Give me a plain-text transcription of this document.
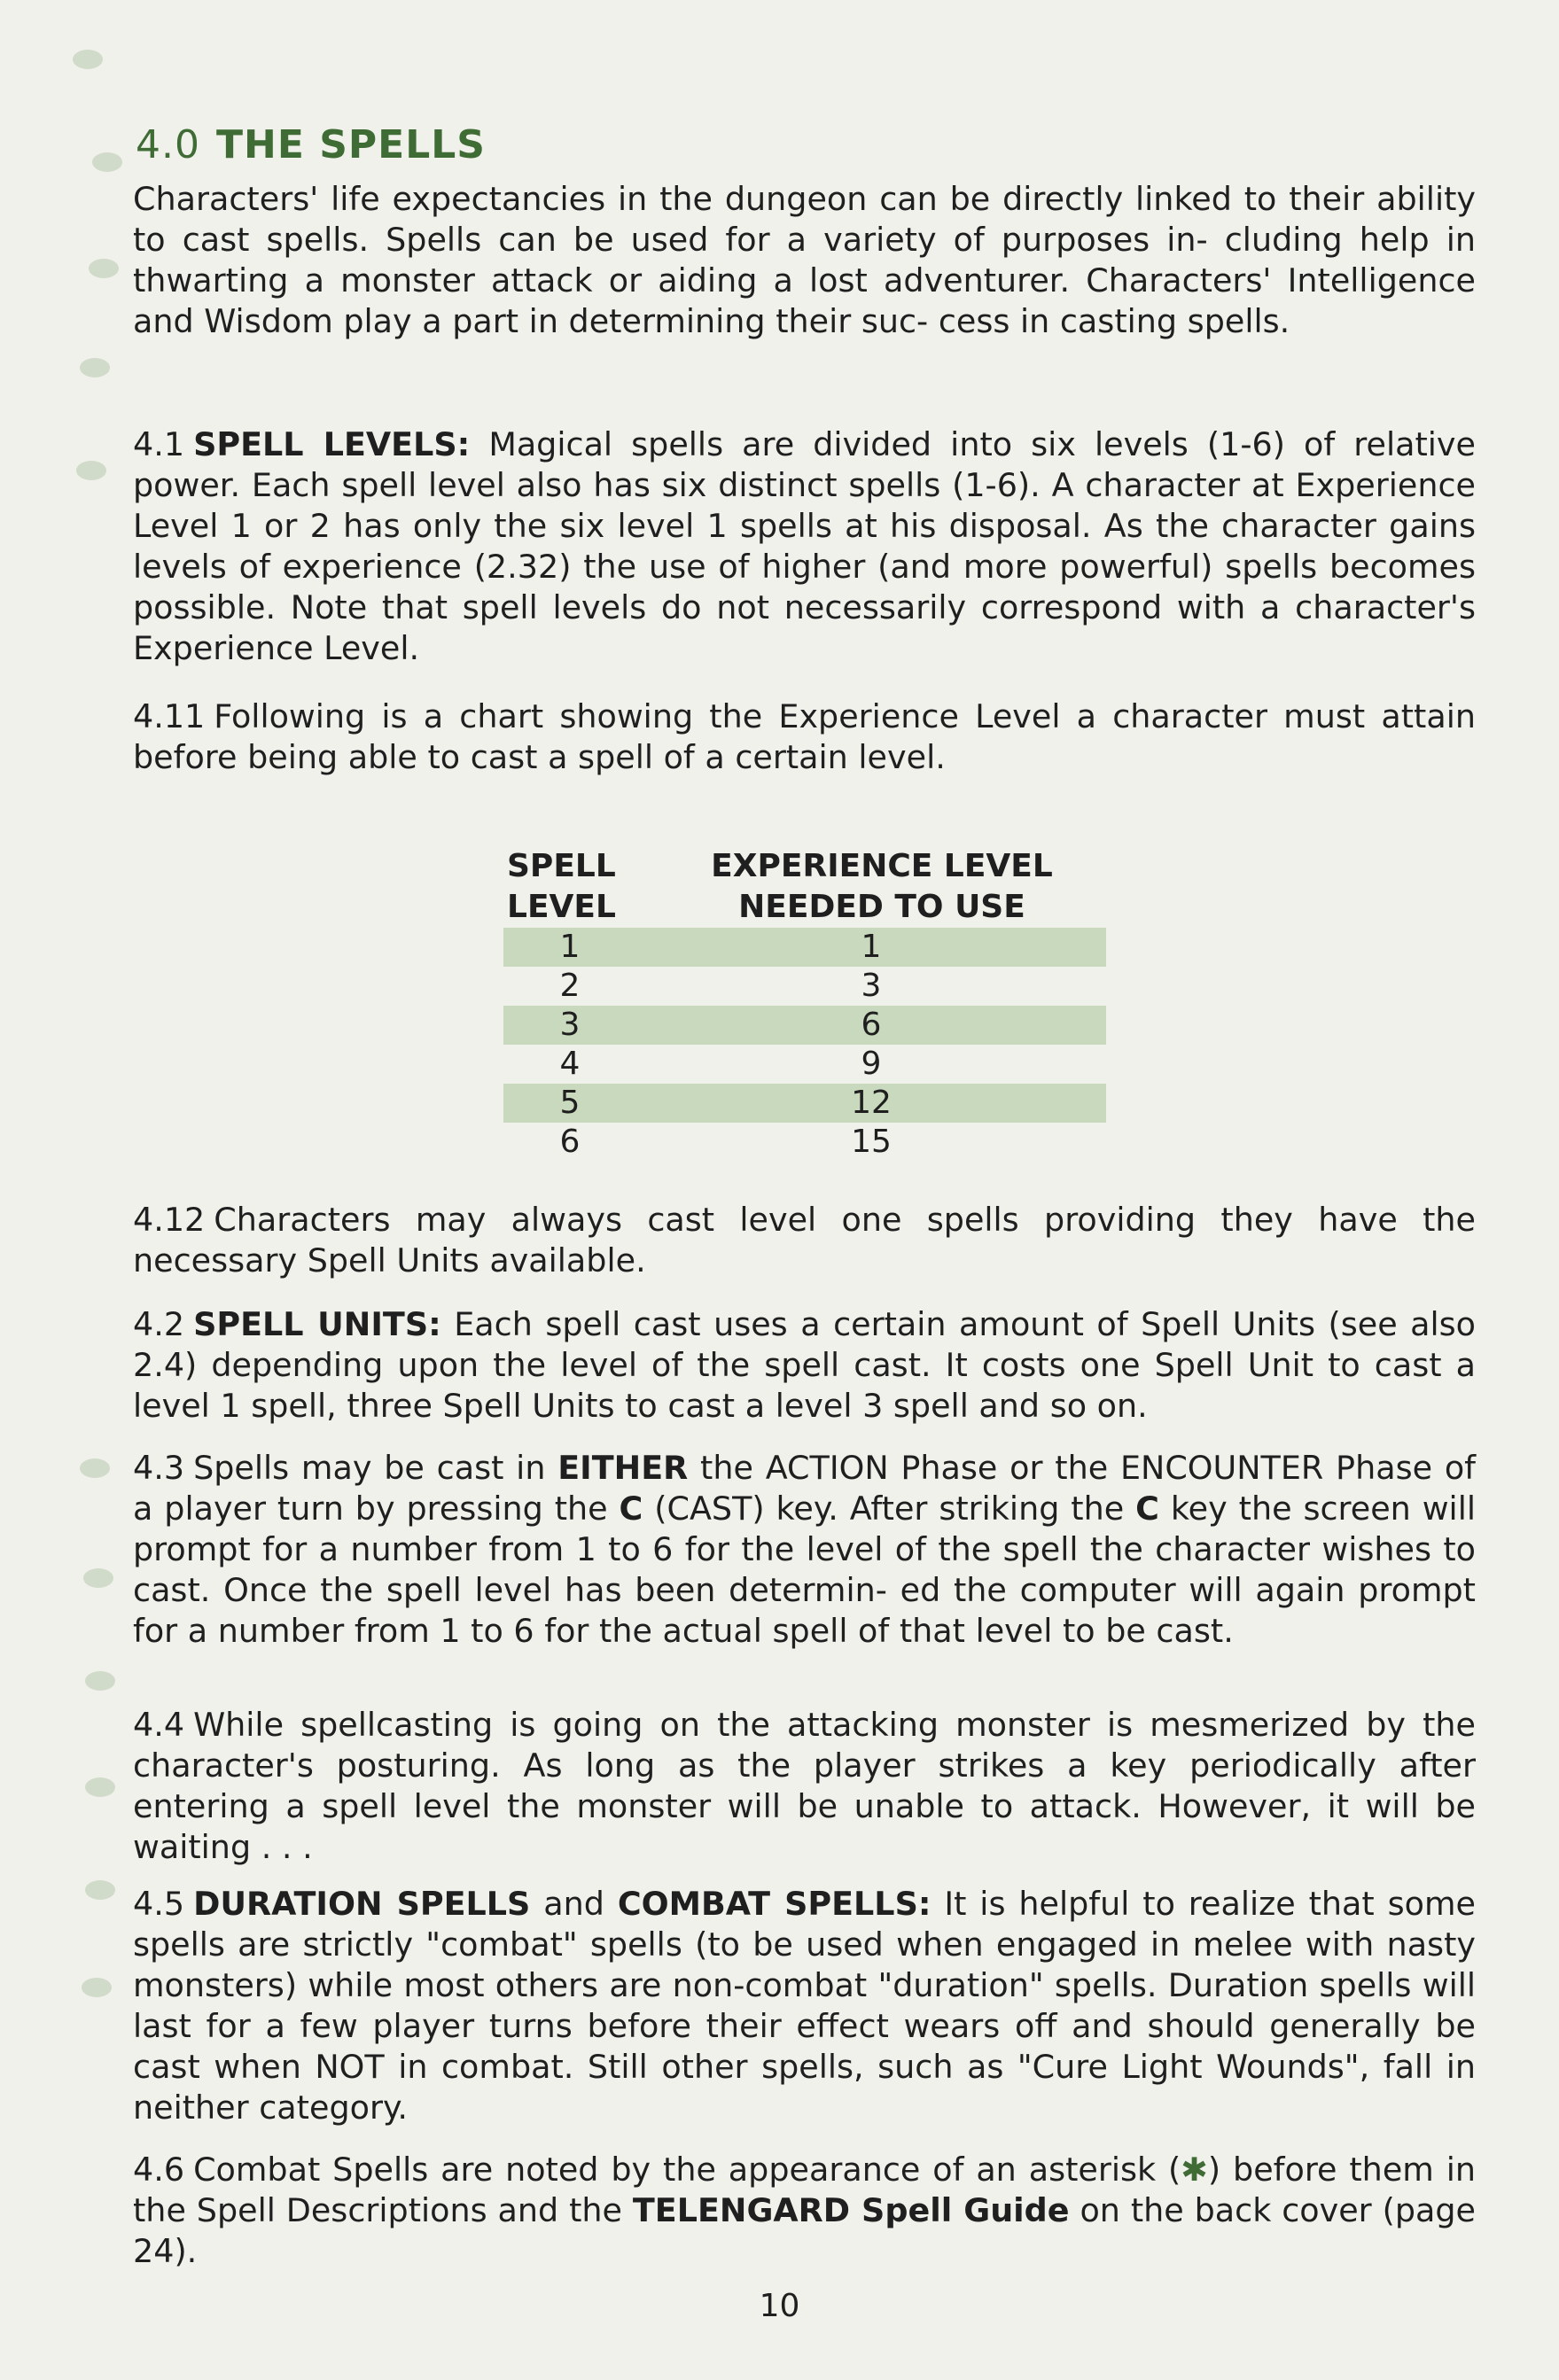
4.0 THE SPELLS

Characters' life expectancies in the dungeon can be directly linked to their ability to cast spells. Spells can be used for a variety of purposes in- cluding help in thwarting a monster attack or aiding a lost adventurer. Characters' Intelligence and Wisdom play a part in determining their suc- cess in casting spells.

4.1 SPELL LEVELS: Magical spells are divided into six levels (1-6) of relative power. Each spell level also has six distinct spells (1-6). A character at Experience Level 1 or 2 has only the six level 1 spells at his disposal. As the character gains levels of experience (2.32) the use of higher (and more powerful) spells becomes possible. Note that spell levels do not necessarily correspond with a character's Experience Level.

4.11 Following is a chart showing the Experience Level a character must attain before being able to cast a spell of a certain level.

SPELL
LEVEL
EXPERIENCE LEVEL
NEEDED TO USE
1	1
2	3
3	6
4	9
5	12
6	15

4.12 Characters may always cast level one spells providing they have the necessary Spell Units available.

4.2 SPELL UNITS: Each spell cast uses a certain amount of Spell Units (see also 2.4) depending upon the level of the spell cast. It costs one Spell Unit to cast a level 1 spell, three Spell Units to cast a level 3 spell and so on.

4.3 Spells may be cast in EITHER the ACTION Phase or the ENCOUNTER Phase of a player turn by pressing the C (CAST) key. After striking the C key the screen will prompt for a number from 1 to 6 for the level of the spell the character wishes to cast. Once the spell level has been determin- ed the computer will again prompt for a number from 1 to 6 for the actual spell of that level to be cast.

4.4 While spellcasting is going on the attacking monster is mesmerized by the character's posturing. As long as the player strikes a key periodically after entering a spell level the monster will be unable to attack. However, it will be waiting . . .

4.5 DURATION SPELLS and COMBAT SPELLS: It is helpful to realize that some spells are strictly "combat" spells (to be used when engaged in melee with nasty monsters) while most others are non-combat "duration" spells. Duration spells will last for a few player turns before their effect wears off and should generally be cast when NOT in combat. Still other spells, such as "Cure Light Wounds", fall in neither category.

4.6 Combat Spells are noted by the appearance of an asterisk (✱) before them in the Spell Descriptions and the TELENGARD Spell Guide on the back cover (page 24).

10
